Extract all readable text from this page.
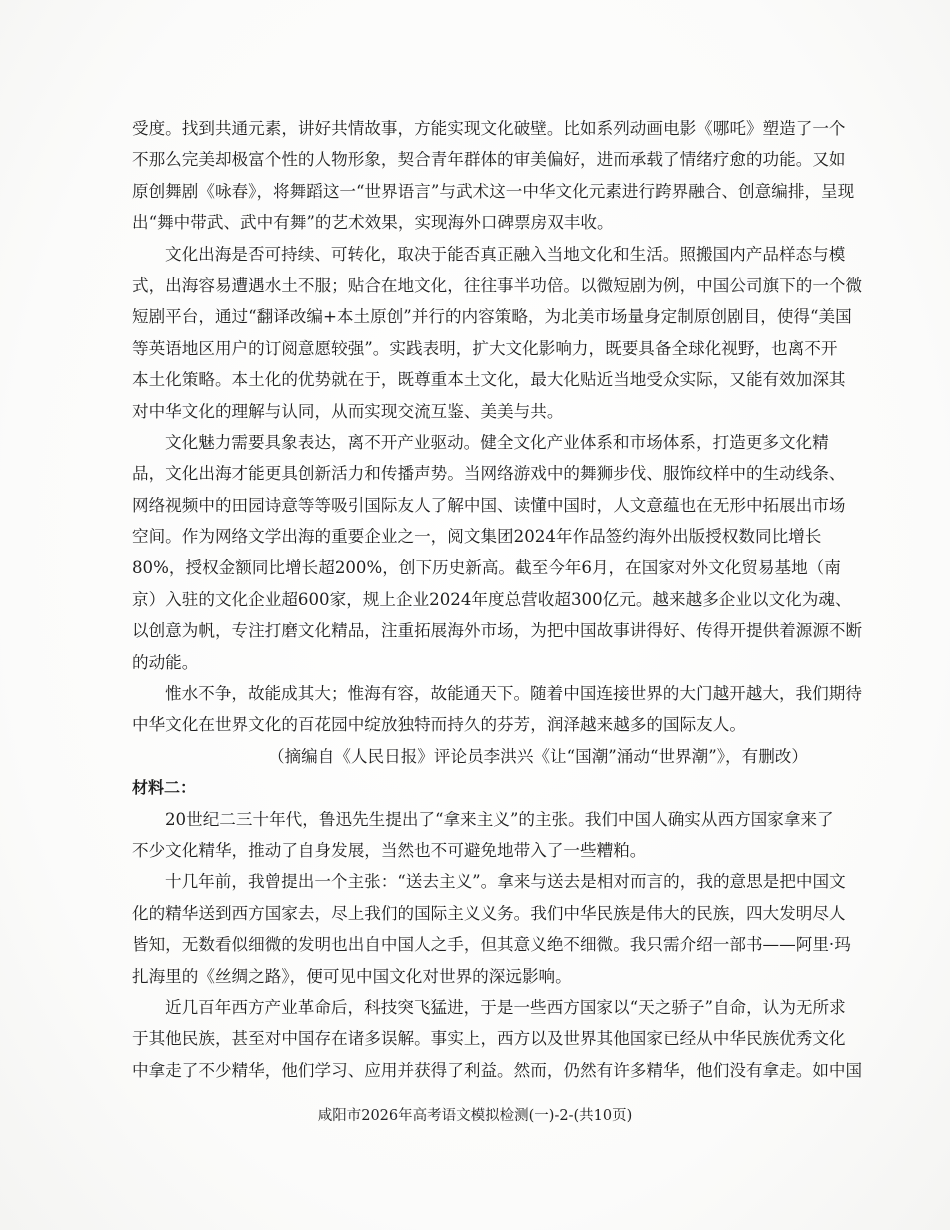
受度。找到共通元素，讲好共情故事，方能实现文化破壁。比如系列动画电影《哪吒》塑造了一个
不那么完美却极富个性的人物形象，契合青年群体的审美偏好，进而承载了情绪疗愈的功能。又如
原创舞剧《咏春》，将舞蹈这一“世界语言”与武术这一中华文化元素进行跨界融合、创意编排，呈现
出“舞中带武、武中有舞”的艺术效果，实现海外口碑票房双丰收。
文化出海是否可持续、可转化，取决于能否真正融入当地文化和生活。照搬国内产品样态与模
式，出海容易遭遇水土不服；贴合在地文化，往往事半功倍。以微短剧为例，中国公司旗下的一个微
短剧平台，通过“翻译改编+本土原创”并行的内容策略，为北美市场量身定制原创剧目，使得“美国
等英语地区用户的订阅意愿较强”。实践表明，扩大文化影响力，既要具备全球化视野，也离不开
本土化策略。本土化的优势就在于，既尊重本土文化，最大化贴近当地受众实际，又能有效加深其
对中华文化的理解与认同，从而实现交流互鉴、美美与共。
文化魅力需要具象表达，离不开产业驱动。健全文化产业体系和市场体系，打造更多文化精
品，文化出海才能更具创新活力和传播声势。当网络游戏中的舞狮步伐、服饰纹样中的生动线条、
网络视频中的田园诗意等等吸引国际友人了解中国、读懂中国时，人文意蕴也在无形中拓展出市场
空间。作为网络文学出海的重要企业之一，阅文集团2024年作品签约海外出版授权数同比增长
80%，授权金额同比增长超200%，创下历史新高。截至今年6月，在国家对外文化贸易基地（南
京）入驻的文化企业超600家，规上企业2024年度总营收超300亿元。越来越多企业以文化为魂、
以创意为帆，专注打磨文化精品，注重拓展海外市场，为把中国故事讲得好、传得开提供着源源不断
的动能。
惟水不争，故能成其大；惟海有容，故能通天下。随着中国连接世界的大门越开越大，我们期待
中华文化在世界文化的百花园中绽放独特而持久的芬芳，润泽越来越多的国际友人。
（摘编自《人民日报》评论员李洪兴《让“国潮”涌动“世界潮”》，有删改）
材料二：
20世纪二三十年代，鲁迅先生提出了“拿来主义”的主张。我们中国人确实从西方国家拿来了
不少文化精华，推动了自身发展，当然也不可避免地带入了一些糟粕。
十几年前，我曾提出一个主张：“送去主义”。拿来与送去是相对而言的，我的意思是把中国文
化的精华送到西方国家去，尽上我们的国际主义义务。我们中华民族是伟大的民族，四大发明尽人
皆知，无数看似细微的发明也出自中国人之手，但其意义绝不细微。我只需介绍一部书——阿里·玛
扎海里的《丝绸之路》，便可见中国文化对世界的深远影响。
近几百年西方产业革命后，科技突飞猛进，于是一些西方国家以“天之骄子”自命，认为无所求
于其他民族，甚至对中国存在诸多误解。事实上，西方以及世界其他国家已经从中华民族优秀文化
中拿走了不少精华，他们学习、应用并获得了利益。然而，仍然有许多精华，他们没有拿走。如中国
咸阳市2026年高考语文模拟检测(一)-2-(共10页)
